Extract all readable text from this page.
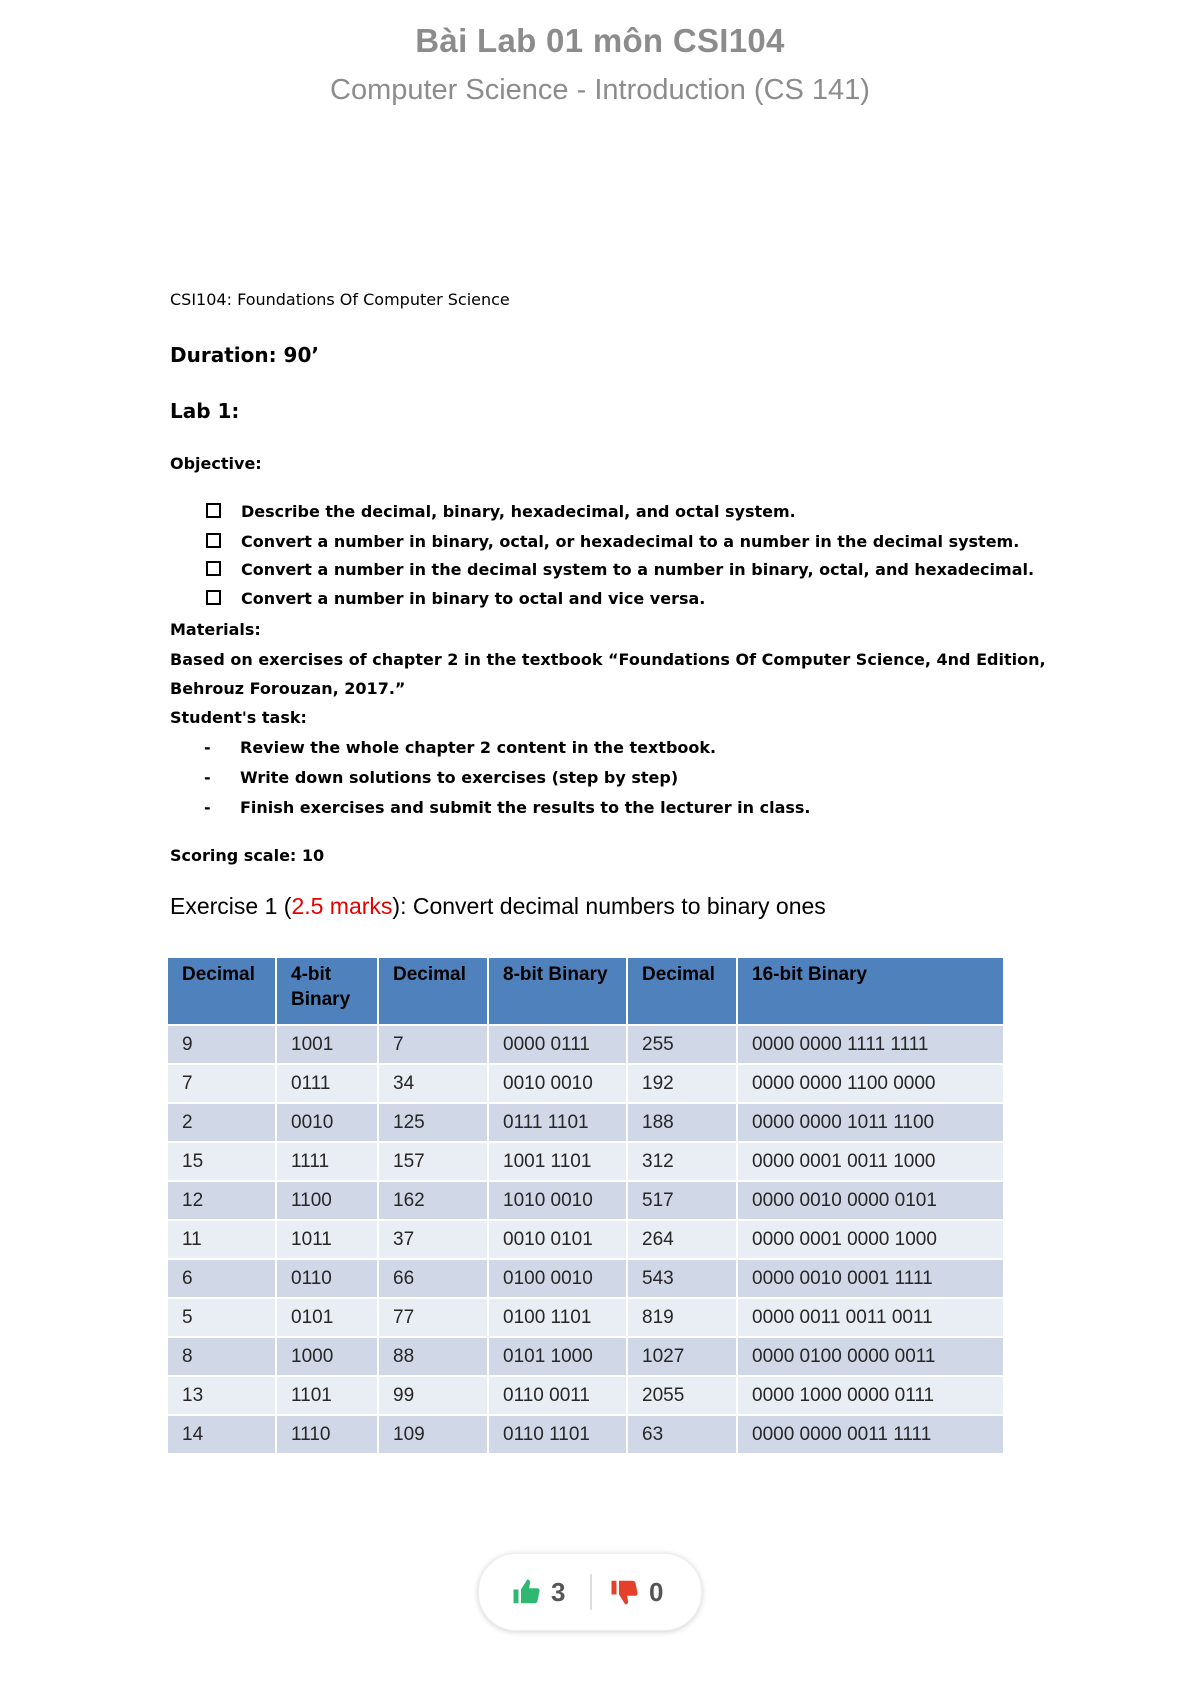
Bài Lab 01 môn CSI104
Computer Science - Introduction (CS 141)
CSI104: Foundations Of Computer Science
Duration: 90’
Lab 1:
Objective:
Describe the decimal, binary, hexadecimal, and octal system.
Convert a number in binary, octal, or hexadecimal to a number in the decimal system.
Convert a number in the decimal system to a number in binary, octal, and hexadecimal.
Convert a number in binary to octal and vice versa.
Materials:
Based on exercises of chapter 2 in the textbook “Foundations Of Computer Science, 4nd Edition,
Behrouz Forouzan, 2017.”
Student's task:
- Review the whole chapter 2 content in the textbook.
- Write down solutions to exercises (step by step)
- Finish exercises and submit the results to the lecturer in class.
Scoring scale: 10
Exercise 1 (2.5 marks): Convert decimal numbers to binary ones
Decimal	4-bit Binary	Decimal	8-bit Binary	Decimal	16-bit Binary
9	1001	7	0000 0111	255	0000 0000 1111 1111
7	0111	34	0010 0010	192	0000 0000 1100 0000
2	0010	125	0111 1101	188	0000 0000 1011 1100
15	1111	157	1001 1101	312	0000 0001 0011 1000
12	1100	162	1010 0010	517	0000 0010 0000 0101
11	1011	37	0010 0101	264	0000 0001 0000 1000
6	0110	66	0100 0010	543	0000 0010 0001 1111
5	0101	77	0100 1101	819	0000 0011 0011 0011
8	1000	88	0101 1000	1027	0000 0100 0000 0011
13	1101	99	0110 0011	2055	0000 1000 0000 0111
14	1110	109	0110 1101	63	0000 0000 0011 1111
3	0
